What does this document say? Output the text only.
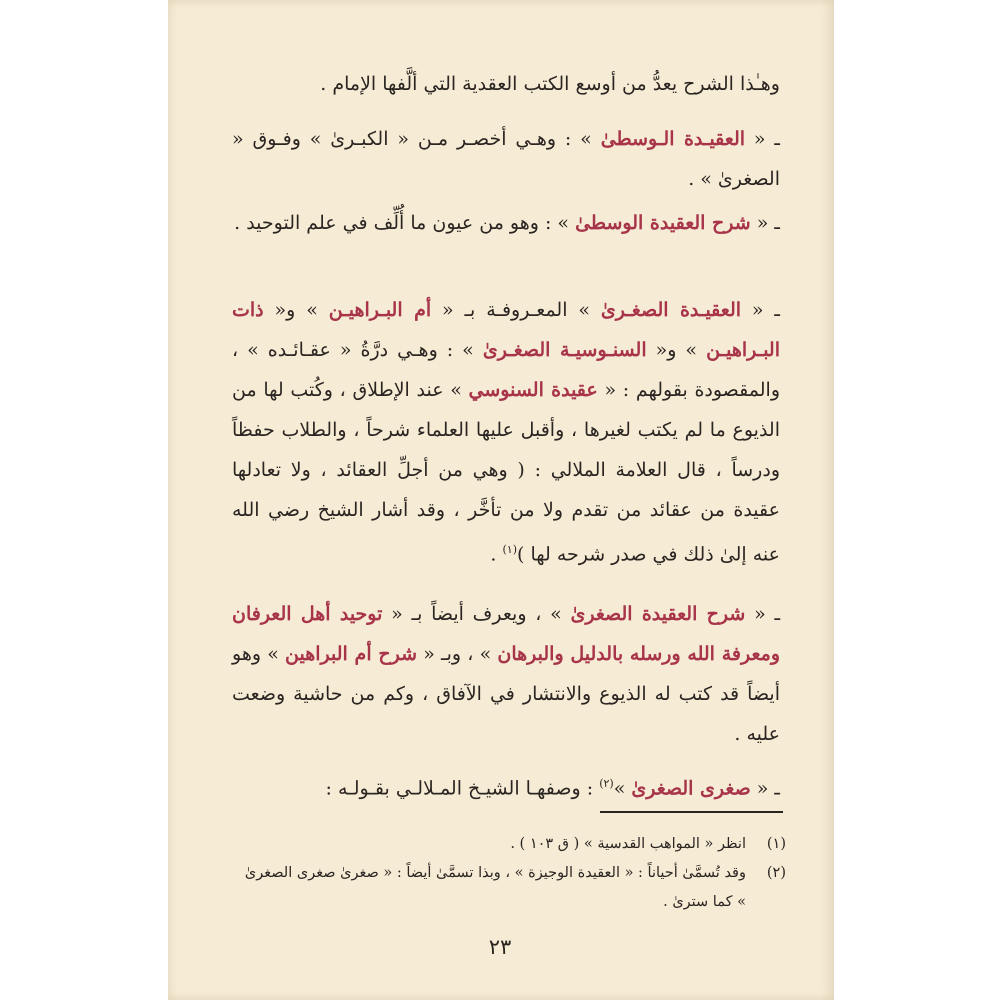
وهـٰذا الشرح يعدُّ من أوسع الكتب العقدية التي ألَّفها الإمام .

ـ « العقيـدة الـوسطىٰ » : وهـي أخصـر مـن « الكبـرىٰ » وفـوق « الصغرىٰ » .

ـ « شرح العقيدة الوسطىٰ » : وهو من عيون ما أُلِّف في علم التوحيد .

ـ « العقيـدة الصغـرىٰ » المعـروفـة بـ « أم البـراهيـن » و« ذات البـراهيـن » و« السنـوسيـة الصغـرىٰ » : وهـي درَّةُ « عقـائـده » ، والمقصودة بقولهم : « عقيدة السنوسي » عند الإطلاق ، وكُتب لها من الذيوع ما لم يكتب لغيرها ، وأقبل عليها العلماء شرحاً ، والطلاب حفظاً ودرساً ، قال العلامة الملالي : ( وهي من أجلِّ العقائد ، ولا تعادلها عقيدة من عقائد من تقدم ولا من تأخَّر ، وقد أشار الشيخ رضي الله عنه إلىٰ ذلك في صدر شرحه لها )$^{(١)}$ .

ـ « شرح العقيدة الصغرىٰ » ، ويعرف أيضاً بـ « توحيد أهل العرفان ومعرفة الله ورسله بالدليل والبرهان » ، وبـ « شرح أم البراهين » وهو أيضاً قد كتب له الذيوع والانتشار في الآفاق ، وكم من حاشية وضعت عليه .

ـ « صغرى الصغرىٰ »$^{(٢)}$ : وصفهـا الشيـخ المـلالـي بقـولـه :

(١)
انظر « المواهب القدسية » ( ق ١٠٣ ) .
(٢)
وقد تُسمَّىٰ أحياناً : « العقيدة الوجيزة » ، وبذا تسمَّىٰ أيضاً : « صغرىٰ صغرى الصغرىٰ » كما سترىٰ .
٢٣
